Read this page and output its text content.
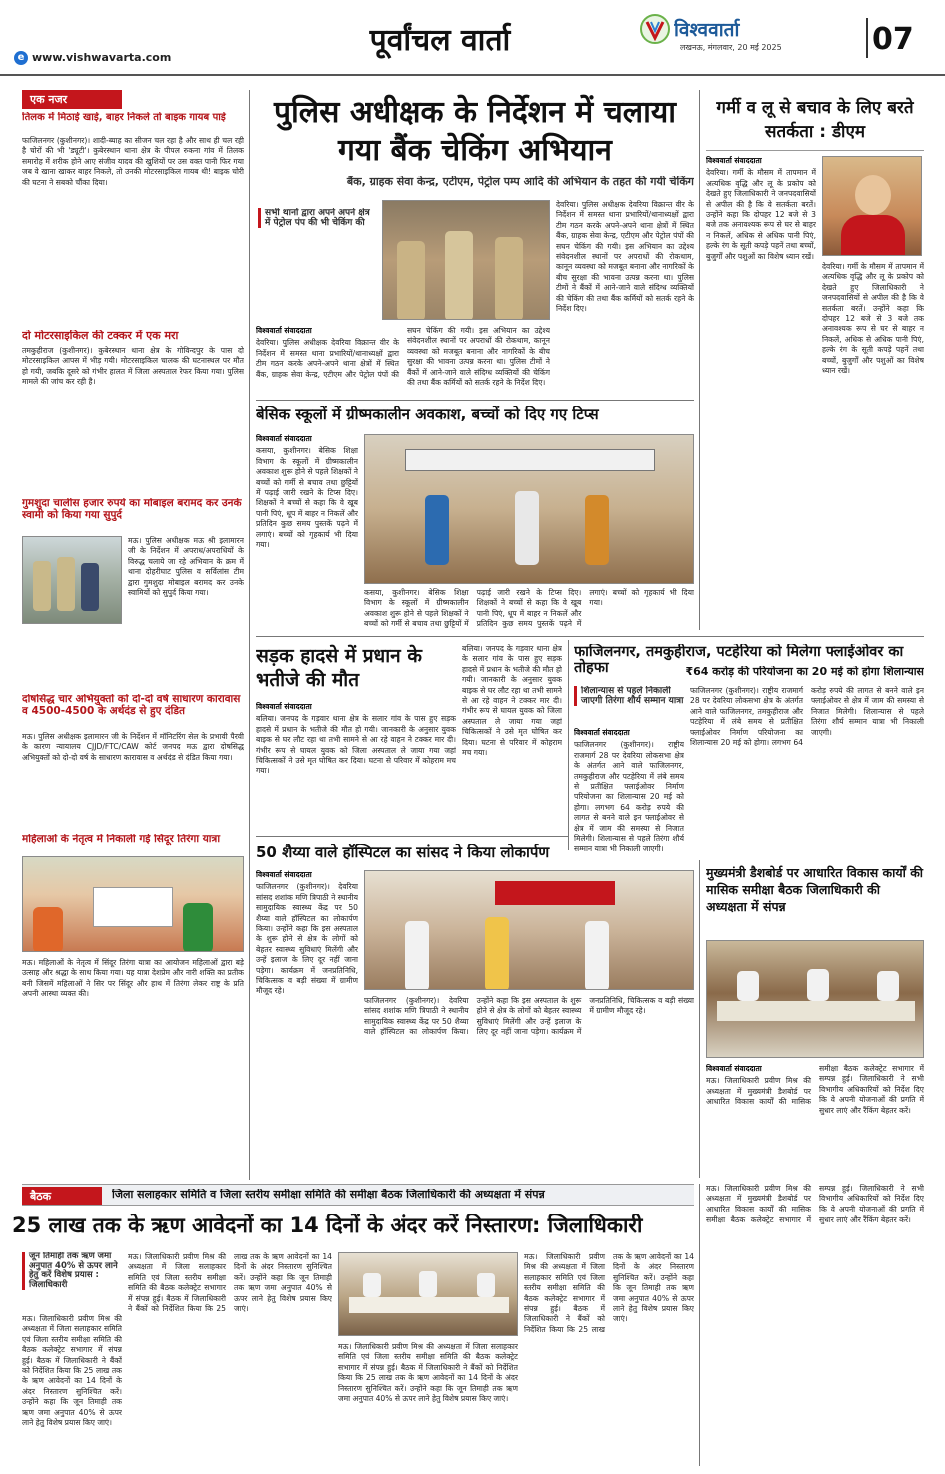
e www.vishwavarta.com	पूर्वांचल वार्ता	विश्ववार्ता
लखनऊ, मंगलवार, 20 मई 2025	07
एक नजर
तिलक में मिठाई खाई, बाहर निकले तो बाइक गायब पाई
फाजिलनगर (कुशीनगर)। शादी-ब्याह का सीजन चल रहा है और साथ ही चल रही है चोरों की भी 'ड्यूटी'। कुबेरस्थान थाना क्षेत्र के पीपल रुकना गांव में तिलक समारोह में शरीक होने आए संजीव यादव की खुशियों पर उस वक्त पानी फिर गया जब वे खाना खाकर बाहर निकले, तो उनकी मोटरसाइकिल गायब थी! बाइक चोरी की घटना ने सबको चौंका दिया।
दो मोटरसाइकिल की टक्कर में एक मरा
तमकुहीराज (कुशीनगर)। कुबेरस्थान थाना क्षेत्र के गोविन्दपुर के पास दो मोटरसाइकिल आपस में भीड़ गयी। मोटरसाइकिल चालक की घटनास्थल पर मौत हो गयी, जबकि दूसरे को गंभीर हालत में जिला अस्पताल रेफर किया गया। पुलिस मामले की जांच कर रही है।
गुमशुदा चालीस हजार रुपये का मोबाइल बरामद कर उनके स्वामी को किया गया सुपुर्द
मऊ। पुलिस अधीक्षक मऊ श्री इलामारन जी के निर्देशन में अपराध/अपराधियों के विरुद्ध चलाये जा रहे अभियान के क्रम में थाना दोहरीघाट पुलिस व सर्विलांस टीम द्वारा गुमशुदा मोबाइल बरामद कर उनके स्वामियों को सुपुर्द किया गया।
दोषसिद्ध चार अभियुक्तों को दो-दो वर्ष साधारण कारावास व 4500-4500 के अर्थदंड से हुए दंडित
मऊ। पुलिस अधीक्षक इलामारन जी के निर्देशन में मॉनिटरिंग सेल के प्रभावी पैरवी के कारण न्यायालय CJJD/FTC/CAW कोर्ट जनपद मऊ द्वारा दोषसिद्ध अभियुक्तों को दो-दो वर्ष के साधारण कारावास व अर्थदंड से दंडित किया गया।
महिलाओं के नेतृत्व में निकाली गई सिंदूर तिरंगा यात्रा
मऊ। महिलाओं के नेतृत्व में सिंदूर तिरंगा यात्रा का आयोजन महिलाओं द्वारा बड़े उत्साह और श्रद्धा के साथ किया गया। यह यात्रा देशप्रेम और नारी शक्ति का प्रतीक बनी जिसमें महिलाओं ने सिर पर सिंदूर और हाथ में तिरंगा लेकर राष्ट्र के प्रति अपनी आस्था व्यक्त की।
पुलिस अधीक्षक के निर्देशन में चलाया गया बैंक चेकिंग अभियान
बैंक, ग्राहक सेवा केन्द्र, एटीएम, पेट्रोल पम्प आदि की अभियान के तहत की गयी चेकिंग
सभी थानों द्वारा अपने अपने क्षेत्र में पेट्रोल पंप की भी चेकिंग की
विश्ववार्ता संवाददाता
देवरिया। पुलिस अधीक्षक देवरिया विक्रान्त वीर के निर्देशन में समस्त थाना प्रभारियों/थानाध्यक्षों द्वारा टीम गठन करके अपने-अपने थाना क्षेत्रों में स्थित बैंक, ग्राहक सेवा केन्द्र, एटीएम और पेट्रोल पंपों की सघन चेकिंग की गयी। इस अभियान का उद्देश्य संवेदनशील स्थानों पर अपराधों की रोकथाम, कानून व्यवस्था को मजबूत बनाना और नागरिकों के बीच सुरक्षा की भावना उत्पन्न करना था। पुलिस टीमों ने बैंकों में आने-जाने वाले संदिग्ध व्यक्तियों की चेकिंग की तथा बैंक कर्मियों को सतर्क रहने के निर्देश दिए।
देवरिया। पुलिस अधीक्षक देवरिया विक्रान्त वीर के निर्देशन में समस्त थाना प्रभारियों/थानाध्यक्षों द्वारा टीम गठन करके अपने-अपने थाना क्षेत्रों में स्थित बैंक, ग्राहक सेवा केन्द्र, एटीएम और पेट्रोल पंपों की सघन चेकिंग की गयी। इस अभियान का उद्देश्य संवेदनशील स्थानों पर अपराधों की रोकथाम, कानून व्यवस्था को मजबूत बनाना और नागरिकों के बीच सुरक्षा की भावना उत्पन्न करना था। पुलिस टीमों ने बैंकों में आने-जाने वाले संदिग्ध व्यक्तियों की चेकिंग की तथा बैंक कर्मियों को सतर्क रहने के निर्देश दिए।
गर्मी व लू से बचाव के लिए बरते सतर्कता : डीएम
विश्ववार्ता संवाददाता
देवरिया। गर्मी के मौसम में तापमान में अत्यधिक वृद्धि और लू के प्रकोप को देखते हुए जिलाधिकारी ने जनपदवासियों से अपील की है कि वे सतर्कता बरतें। उन्होंने कहा कि दोपहर 12 बजे से 3 बजे तक अनावश्यक रूप से घर से बाहर न निकलें, अधिक से अधिक पानी पिएं, हल्के रंग के सूती कपड़े पहनें तथा बच्चों, बुजुर्गों और पशुओं का विशेष ध्यान रखें।
देवरिया। गर्मी के मौसम में तापमान में अत्यधिक वृद्धि और लू के प्रकोप को देखते हुए जिलाधिकारी ने जनपदवासियों से अपील की है कि वे सतर्कता बरतें। उन्होंने कहा कि दोपहर 12 बजे से 3 बजे तक अनावश्यक रूप से घर से बाहर न निकलें, अधिक से अधिक पानी पिएं, हल्के रंग के सूती कपड़े पहनें तथा बच्चों, बुजुर्गों और पशुओं का विशेष ध्यान रखें।
बेसिक स्कूलों में ग्रीष्मकालीन अवकाश, बच्चों को दिए गए टिप्स
विश्ववार्ता संवाददाता
कसया, कुशीनगर। बेसिक शिक्षा विभाग के स्कूलों में ग्रीष्मकालीन अवकाश शुरू होने से पहले शिक्षकों ने बच्चों को गर्मी से बचाव तथा छुट्टियों में पढ़ाई जारी रखने के टिप्स दिए। शिक्षकों ने बच्चों से कहा कि वे खूब पानी पिएं, धूप में बाहर न निकलें और प्रतिदिन कुछ समय पुस्तकें पढ़ने में लगाएं। बच्चों को गृहकार्य भी दिया गया।
कसया, कुशीनगर। बेसिक शिक्षा विभाग के स्कूलों में ग्रीष्मकालीन अवकाश शुरू होने से पहले शिक्षकों ने बच्चों को गर्मी से बचाव तथा छुट्टियों में पढ़ाई जारी रखने के टिप्स दिए। शिक्षकों ने बच्चों से कहा कि वे खूब पानी पिएं, धूप में बाहर न निकलें और प्रतिदिन कुछ समय पुस्तकें पढ़ने में लगाएं। बच्चों को गृहकार्य भी दिया गया।
सड़क हादसे में प्रधान के भतीजे की मौत
विश्ववार्ता संवाददाता
बलिया। जनपद के गड़वार थाना क्षेत्र के सलार गांव के पास हुए सड़क हादसे में प्रधान के भतीजे की मौत हो गयी। जानकारी के अनुसार युवक बाइक से घर लौट रहा था तभी सामने से आ रहे वाहन ने टक्कर मार दी। गंभीर रूप से घायल युवक को जिला अस्पताल ले जाया गया जहां चिकित्सकों ने उसे मृत घोषित कर दिया। घटना से परिवार में कोहराम मच गया।
बलिया। जनपद के गड़वार थाना क्षेत्र के सलार गांव के पास हुए सड़क हादसे में प्रधान के भतीजे की मौत हो गयी। जानकारी के अनुसार युवक बाइक से घर लौट रहा था तभी सामने से आ रहे वाहन ने टक्कर मार दी। गंभीर रूप से घायल युवक को जिला अस्पताल ले जाया गया जहां चिकित्सकों ने उसे मृत घोषित कर दिया। घटना से परिवार में कोहराम मच गया।
फाजिलनगर, तमकुहीराज, पटहेरिया को मिलेगा फ्लाईओवर का तोहफा	₹64 करोड़ की परियोजना का 20 मई को होगा शिलान्यास
शिलान्यास से पहले निकाली जाएगी तिरंगा शौर्य सम्मान यात्रा
विश्ववार्ता संवाददाता
फाजिलनगर (कुशीनगर)। राष्ट्रीय राजमार्ग 28 पर देवरिया लोकसभा क्षेत्र के अंतर्गत आने वाले फाजिलनगर, तमकुहीराज और पटहेरिया में लंबे समय से प्रतीक्षित फ्लाईओवर निर्माण परियोजना का शिलान्यास 20 मई को होगा। लगभग 64 करोड़ रुपये की लागत से बनने वाले इन फ्लाईओवर से क्षेत्र में जाम की समस्या से निजात मिलेगी। शिलान्यास से पहले तिरंगा शौर्य सम्मान यात्रा भी निकाली जाएगी।
फाजिलनगर (कुशीनगर)। राष्ट्रीय राजमार्ग 28 पर देवरिया लोकसभा क्षेत्र के अंतर्गत आने वाले फाजिलनगर, तमकुहीराज और पटहेरिया में लंबे समय से प्रतीक्षित फ्लाईओवर निर्माण परियोजना का शिलान्यास 20 मई को होगा। लगभग 64 करोड़ रुपये की लागत से बनने वाले इन फ्लाईओवर से क्षेत्र में जाम की समस्या से निजात मिलेगी। शिलान्यास से पहले तिरंगा शौर्य सम्मान यात्रा भी निकाली जाएगी।
50 शैय्या वाले हॉस्पिटल का सांसद ने किया लोकार्पण
विश्ववार्ता संवाददाता
फाजिलनगर (कुशीनगर)। देवरिया सांसद शशांक मणि त्रिपाठी ने स्थानीय सामुदायिक स्वास्थ्य केंद्र पर 50 शैय्या वाले हॉस्पिटल का लोकार्पण किया। उन्होंने कहा कि इस अस्पताल के शुरू होने से क्षेत्र के लोगों को बेहतर स्वास्थ्य सुविधाएं मिलेंगी और उन्हें इलाज के लिए दूर नहीं जाना पड़ेगा। कार्यक्रम में जनप्रतिनिधि, चिकित्सक व बड़ी संख्या में ग्रामीण मौजूद रहे।
फाजिलनगर (कुशीनगर)। देवरिया सांसद शशांक मणि त्रिपाठी ने स्थानीय सामुदायिक स्वास्थ्य केंद्र पर 50 शैय्या वाले हॉस्पिटल का लोकार्पण किया। उन्होंने कहा कि इस अस्पताल के शुरू होने से क्षेत्र के लोगों को बेहतर स्वास्थ्य सुविधाएं मिलेंगी और उन्हें इलाज के लिए दूर नहीं जाना पड़ेगा। कार्यक्रम में जनप्रतिनिधि, चिकित्सक व बड़ी संख्या में ग्रामीण मौजूद रहे।
मुख्यमंत्री डैशबोर्ड पर आधारित विकास कार्यों की मासिक समीक्षा बैठक जिलाधिकारी की अध्यक्षता में संपन्न
विश्ववार्ता संवाददाता
मऊ। जिलाधिकारी प्रवीण मिश्र की अध्यक्षता में मुख्यमंत्री डैशबोर्ड पर आधारित विकास कार्यों की मासिक समीक्षा बैठक कलेक्ट्रेट सभागार में सम्पन्न हुई। जिलाधिकारी ने सभी विभागीय अधिकारियों को निर्देश दिए कि वे अपनी योजनाओं की प्रगति में सुधार लाएं और रैंकिंग बेहतर करें।
बैठक	जिला सलाहकार समिति व जिला स्तरीय समीक्षा समिति की समीक्षा बैठक जिलाधिकारी की अध्यक्षता में संपन्न
25 लाख तक के ऋण आवेदनों का 14 दिनों के अंदर करें निस्तारण: जिलाधिकारी
जून तिमाही तक ऋण जमा अनुपात 40% से ऊपर लाने हेतु करें विशेष प्रयास : जिलाधिकारी
मऊ। जिलाधिकारी प्रवीण मिश्र की अध्यक्षता में जिला सलाहकार समिति एवं जिला स्तरीय समीक्षा समिति की बैठक कलेक्ट्रेट सभागार में संपन्न हुई। बैठक में जिलाधिकारी ने बैंकों को निर्देशित किया कि 25 लाख तक के ऋण आवेदनों का 14 दिनों के अंदर निस्तारण सुनिश्चित करें। उन्होंने कहा कि जून तिमाही तक ऋण जमा अनुपात 40% से ऊपर लाने हेतु विशेष प्रयास किए जाएं।
मऊ। जिलाधिकारी प्रवीण मिश्र की अध्यक्षता में जिला सलाहकार समिति एवं जिला स्तरीय समीक्षा समिति की बैठक कलेक्ट्रेट सभागार में संपन्न हुई। बैठक में जिलाधिकारी ने बैंकों को निर्देशित किया कि 25 लाख तक के ऋण आवेदनों का 14 दिनों के अंदर निस्तारण सुनिश्चित करें। उन्होंने कहा कि जून तिमाही तक ऋण जमा अनुपात 40% से ऊपर लाने हेतु विशेष प्रयास किए जाएं।
मऊ। जिलाधिकारी प्रवीण मिश्र की अध्यक्षता में जिला सलाहकार समिति एवं जिला स्तरीय समीक्षा समिति की बैठक कलेक्ट्रेट सभागार में संपन्न हुई। बैठक में जिलाधिकारी ने बैंकों को निर्देशित किया कि 25 लाख तक के ऋण आवेदनों का 14 दिनों के अंदर निस्तारण सुनिश्चित करें। उन्होंने कहा कि जून तिमाही तक ऋण जमा अनुपात 40% से ऊपर लाने हेतु विशेष प्रयास किए जाएं।
मऊ। जिलाधिकारी प्रवीण मिश्र की अध्यक्षता में जिला सलाहकार समिति एवं जिला स्तरीय समीक्षा समिति की बैठक कलेक्ट्रेट सभागार में संपन्न हुई। बैठक में जिलाधिकारी ने बैंकों को निर्देशित किया कि 25 लाख तक के ऋण आवेदनों का 14 दिनों के अंदर निस्तारण सुनिश्चित करें। उन्होंने कहा कि जून तिमाही तक ऋण जमा अनुपात 40% से ऊपर लाने हेतु विशेष प्रयास किए जाएं।
मऊ। जिलाधिकारी प्रवीण मिश्र की अध्यक्षता में मुख्यमंत्री डैशबोर्ड पर आधारित विकास कार्यों की मासिक समीक्षा बैठक कलेक्ट्रेट सभागार में सम्पन्न हुई। जिलाधिकारी ने सभी विभागीय अधिकारियों को निर्देश दिए कि वे अपनी योजनाओं की प्रगति में सुधार लाएं और रैंकिंग बेहतर करें।
